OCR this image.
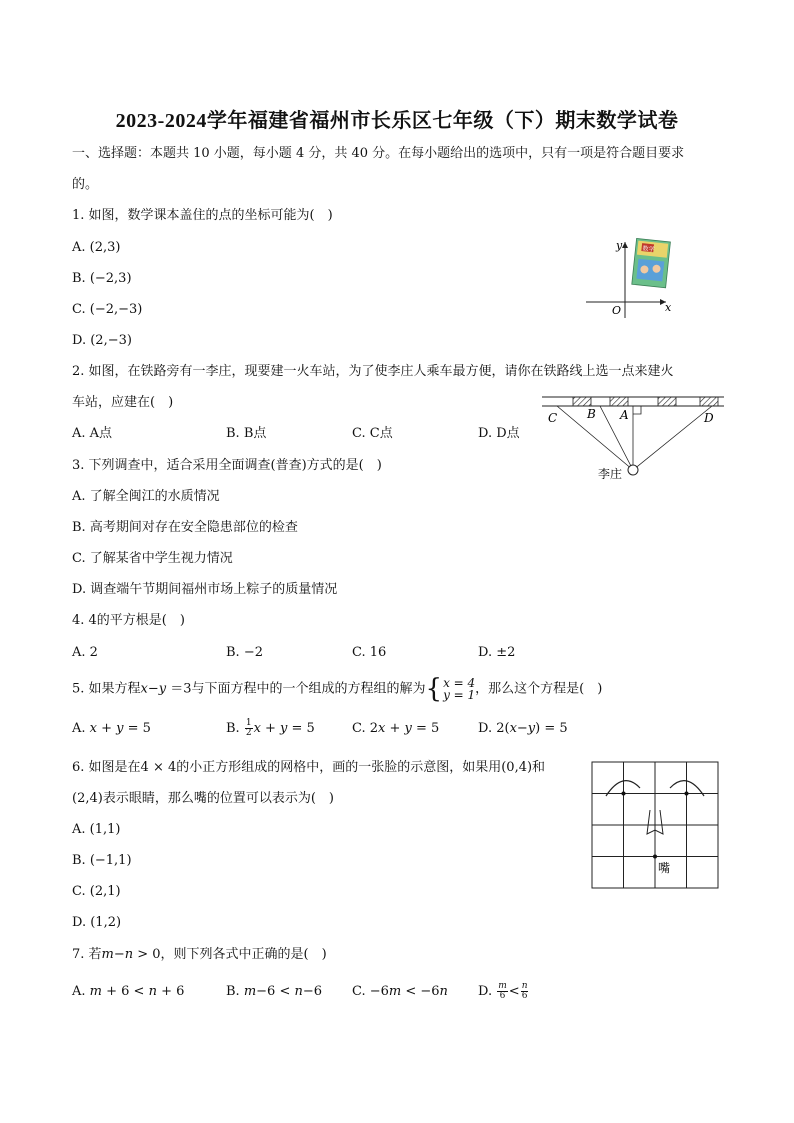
2023-2024学年福建省福州市长乐区七年级（下）期末数学试卷
一、选择题：本题共 10 小题，每小题 4 分，共 40 分。在每小题给出的选项中，只有一项是符合题目要求
的。
1. 如图，数学课本盖住的点的坐标可能为(　)
A. (2,3)
B. (−2,3)
C. (−2,−3)
D. (2,−3)
y
x
O
数学
2. 如图，在铁路旁有一李庄，现要建一火车站，为了使李庄人乘车最方便，请你在铁路线上选一点来建火
车站，应建在(　)
A. A点	B. B点	C. C点	D. D点
C B A	D
李庄
3. 下列调查中，适合采用全面调查(普查)方式的是(　)
A. 了解全闽江的水质情况
B. 高考期间对存在安全隐患部位的检查
C. 了解某省中学生视力情况
D. 调查端午节期间福州市场上粽子的质量情况
4. 4的平方根是(　)
A. 2	B. −2	C. 16	D. ±2
5. 如果方程𝑥−𝑦 ＝3与下面方程中的一个组成的方程组的解为{ x = 4
y = 1 ，那么这个方程是(　)
A. 𝑥 + 𝑦 = 5	B. $\frac{1}{2}$ 𝑥 + 𝑦 = 5	C. 2𝑥 + 𝑦 = 5	D. 2(𝑥−𝑦) = 5
6. 如图是在4 × 4的小正方形组成的网格中，画的一张脸的示意图，如果用(0,4)和
(2,4)表示眼睛，那么嘴的位置可以表示为(　)
A. (1,1)
B. (−1,1)
C. (2,1)
D. (1,2)
嘴
7. 若𝑚−𝑛 > 0，则下列各式中正确的是(　)
A. 𝑚 + 6 < 𝑛 + 6	B. 𝑚−6 < 𝑛−6 C. −6𝑚 < −6𝑛 D. $\frac{\text{𝑚}}{6} < \frac{\text{𝑛}}{6}$
